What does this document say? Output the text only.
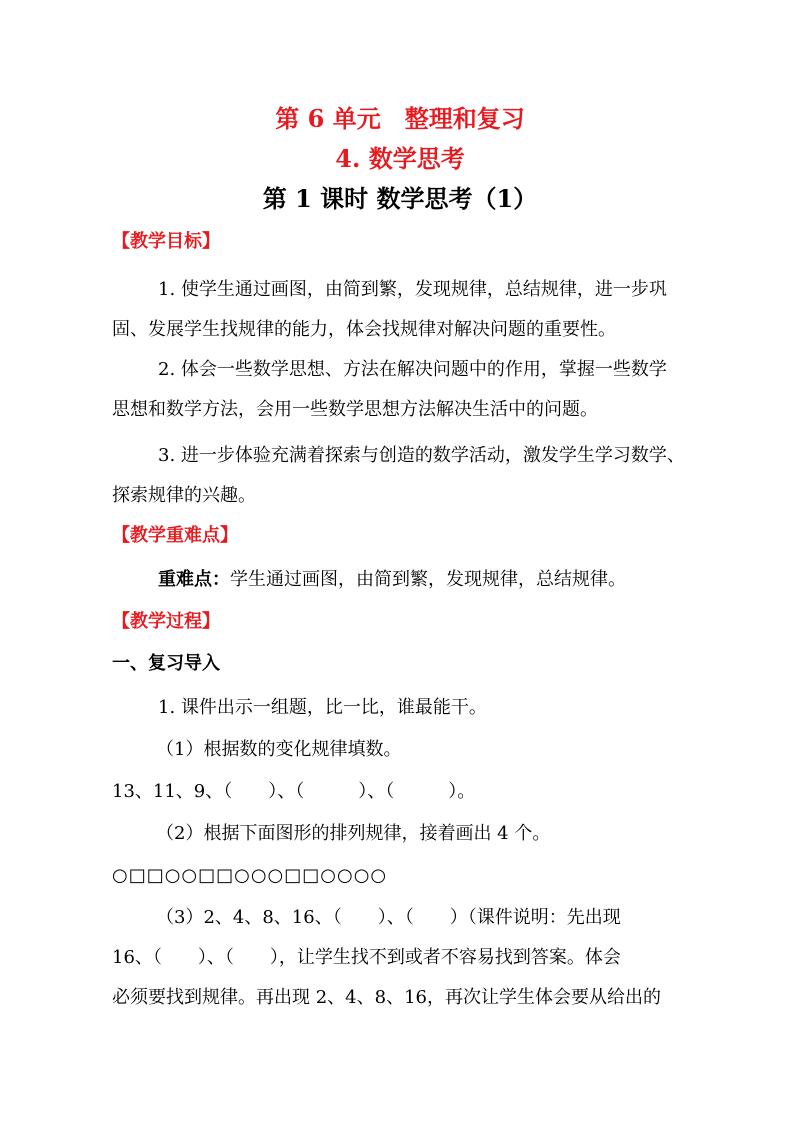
第 6 单元　整理和复习
4. 数学思考
第 1 课时 数学思考（1）
【教学目标】
1. 使学生通过画图，由简到繁，发现规律，总结规律，进一步巩
固、发展学生找规律的能力，体会找规律对解决问题的重要性。
2. 体会一些数学思想、方法在解决问题中的作用，掌握一些数学
思想和数学方法，会用一些数学思想方法解决生活中的问题。
3. 进一步体验充满着探索与创造的数学活动，激发学生学习数学、
探索规律的兴趣。
【教学重难点】
重难点：学生通过画图，由简到繁，发现规律，总结规律。
【教学过程】
一、复习导入
1. 课件出示一组题，比一比，谁最能干。
（1）根据数的变化规律填数。
13、11、9、（　　）、（　　　）、（　　　）。
（2）根据下面图形的排列规律，接着画出 4 个。
○□□○○□□○○○□□○○○○
（3）2、4、8、16、（　　）、（　　）（课件说明：先出现
16、（　　）、（　　），让学生找不到或者不容易找到答案。体会
必须要找到规律。再出现 2、4、8、16，再次让学生体会要从给出的
